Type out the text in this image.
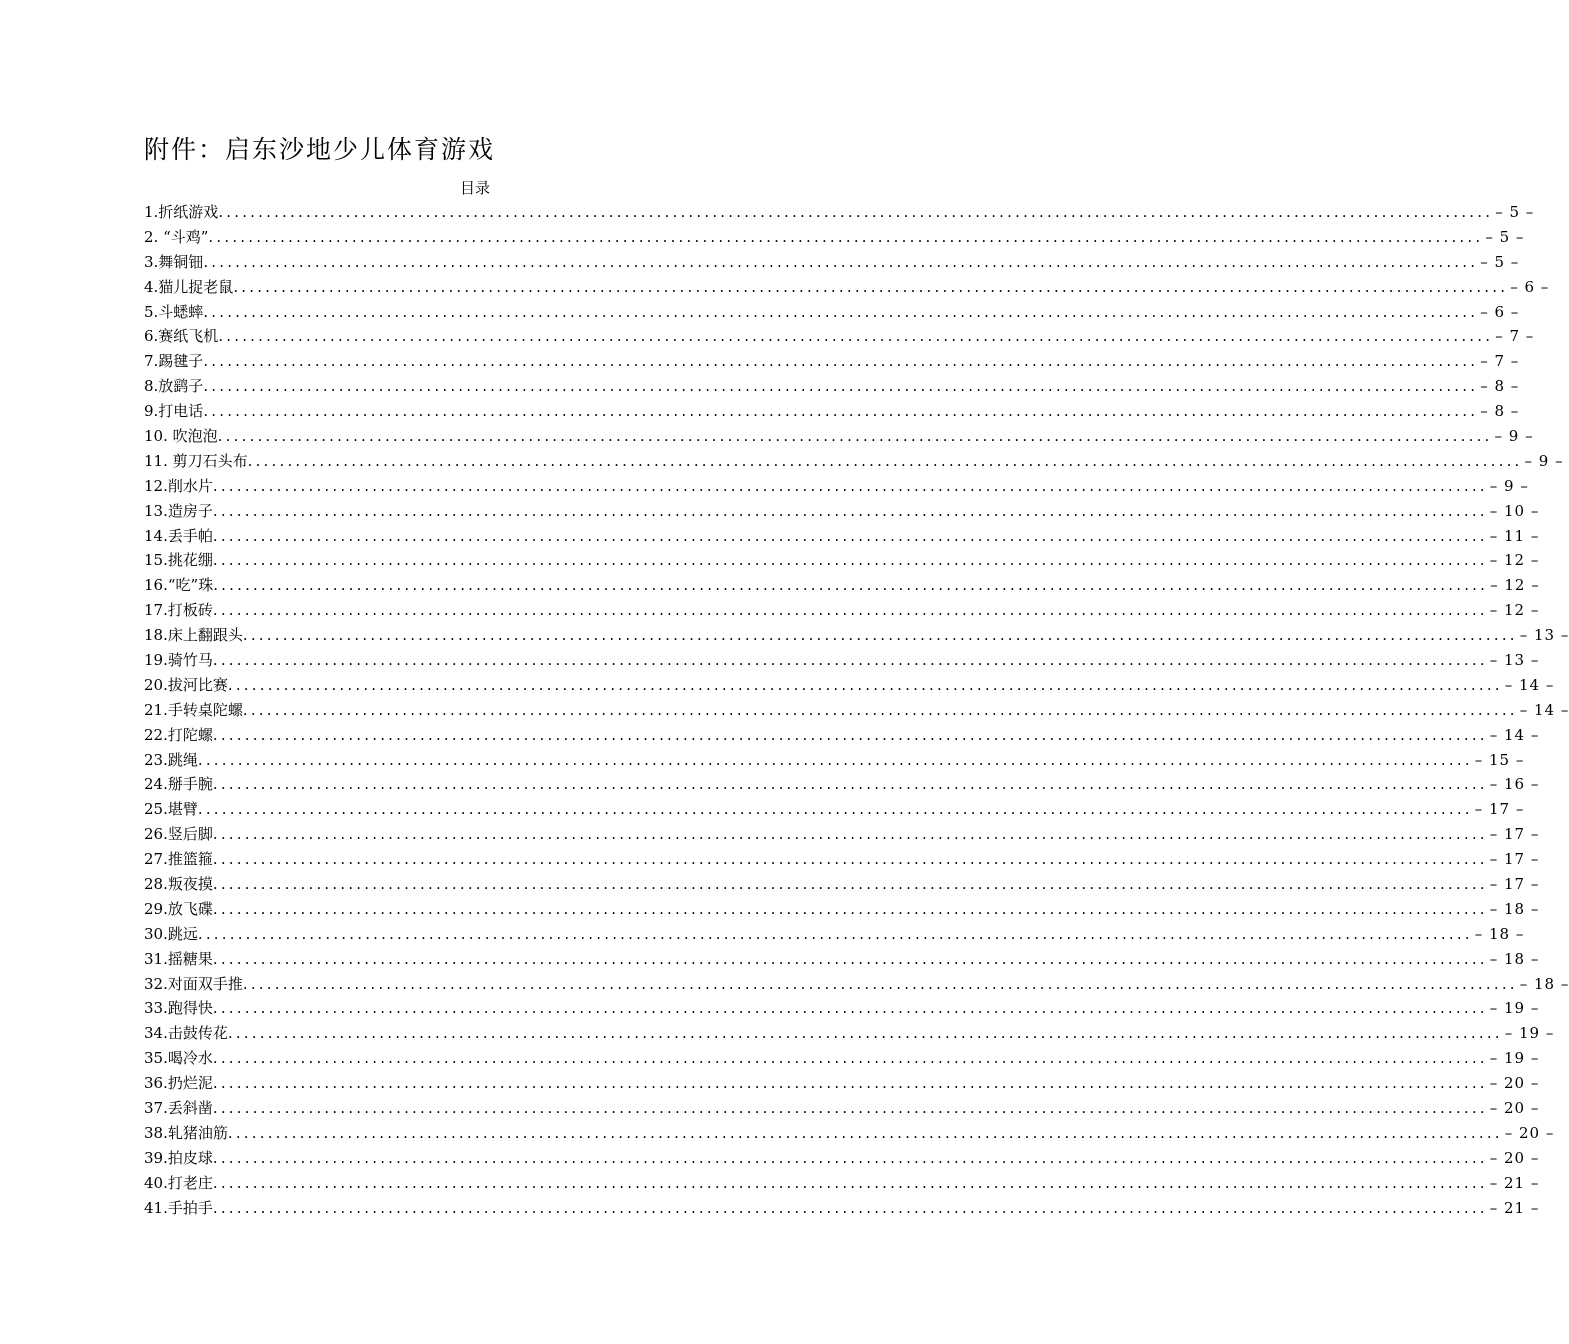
附件：启东沙地少儿体育游戏
目录
1.折纸游戏 ................................................................................................................................................................ – 5 –
2. “斗鸡” ................................................................................................................................................................ – 5 –
3.舞铜钿 ................................................................................................................................................................ – 5 –
4.猫儿捉老鼠 ................................................................................................................................................................ – 6 –
5.斗蟋蟀 ................................................................................................................................................................ – 6 –
6.赛纸飞机 ................................................................................................................................................................ – 7 –
7.踢毽子 ................................................................................................................................................................ – 7 –
8.放鹞子 ................................................................................................................................................................ – 8 –
9.打电话 ................................................................................................................................................................ – 8 –
10. 吹泡泡 ................................................................................................................................................................ – 9 –
11. 剪刀石头布 ................................................................................................................................................................ – 9 –
12.削水片 ................................................................................................................................................................ – 9 –
13.造房子 ................................................................................................................................................................ – 10 –
14.丢手帕 ................................................................................................................................................................ – 11 –
15.挑花绷 ................................................................................................................................................................ – 12 –
16.“吃”珠 ................................................................................................................................................................ – 12 –
17.打板砖 ................................................................................................................................................................ – 12 –
18.床上翻跟头 ................................................................................................................................................................ – 13 –
19.骑竹马 ................................................................................................................................................................ – 13 –
20.拔河比赛 ................................................................................................................................................................ – 14 –
21.手转桌陀螺 ................................................................................................................................................................ – 14 –
22.打陀螺 ................................................................................................................................................................ – 14 –
23.跳绳 ................................................................................................................................................................ – 15 –
24.掰手腕 ................................................................................................................................................................ – 16 –
25.堪臂 ................................................................................................................................................................ – 17 –
26.竖后脚 ................................................................................................................................................................ – 17 –
27.推篮箍 ................................................................................................................................................................ – 17 –
28.叛夜摸 ................................................................................................................................................................ – 17 –
29.放飞碟 ................................................................................................................................................................ – 18 –
30.跳远 ................................................................................................................................................................ – 18 –
31.摇糖果 ................................................................................................................................................................ – 18 –
32.对面双手推 ................................................................................................................................................................ – 18 –
33.跑得快 ................................................................................................................................................................ – 19 –
34.击鼓传花 ................................................................................................................................................................ – 19 –
35.喝冷水 ................................................................................................................................................................ – 19 –
36.扔烂泥 ................................................................................................................................................................ – 20 –
37.丢斜凿 ................................................................................................................................................................ – 20 –
38.轧猪油筋 ................................................................................................................................................................ – 20 –
39.拍皮球 ................................................................................................................................................................ – 20 –
40.打老庄 ................................................................................................................................................................ – 21 –
41.手拍手 ................................................................................................................................................................ – 21 –
